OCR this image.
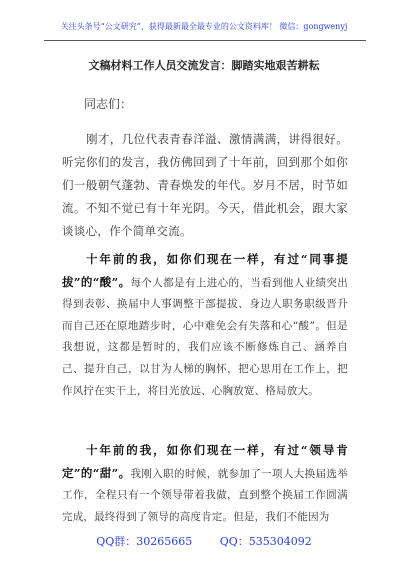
关注头条号“公文研究”，获得最新最全最专业的公文资料库！ 微信：gongwenyj
文稿材料工作人员交流发言：脚踏实地艰苦耕耘

同志们：

刚才，几位代表青春洋溢、激情满满，讲得很好。听完你们的发言，我仿佛回到了十年前，回到那个如你们一般朝气蓬勃、青春焕发的年代。岁月不居，时节如流。不知不觉已有十年光阴。今天，借此机会，跟大家谈谈心，作个简单交流。

十年前的我，如你们现在一样，有过“同事提拔”的“酸”。每个人都是有上进心的，当看到他人业绩突出得到表彰、换届中人事调整干部提拔、身边人职务职级晋升而自己还在原地踏步时，心中难免会有失落和心“酸”。但是我想说，这都是暂时的，我们应该不断修炼自己、涵养自己、提升自己，以甘为人梯的胸怀，把心思用在工作上，把作风拧在实干上，将目光放远、心胸放宽、格局放大。

十年前的我，如你们现在一样，有过“领导肯定”的“甜”。我刚入职的时候，就参加了一项人大换届选举工作，全程只有一个领导带着我做，直到整个换届工作圆满完成，最终得到了领导的高度肯定。但是，我们不能因为

QQ群：30265665	QQ：535304092
